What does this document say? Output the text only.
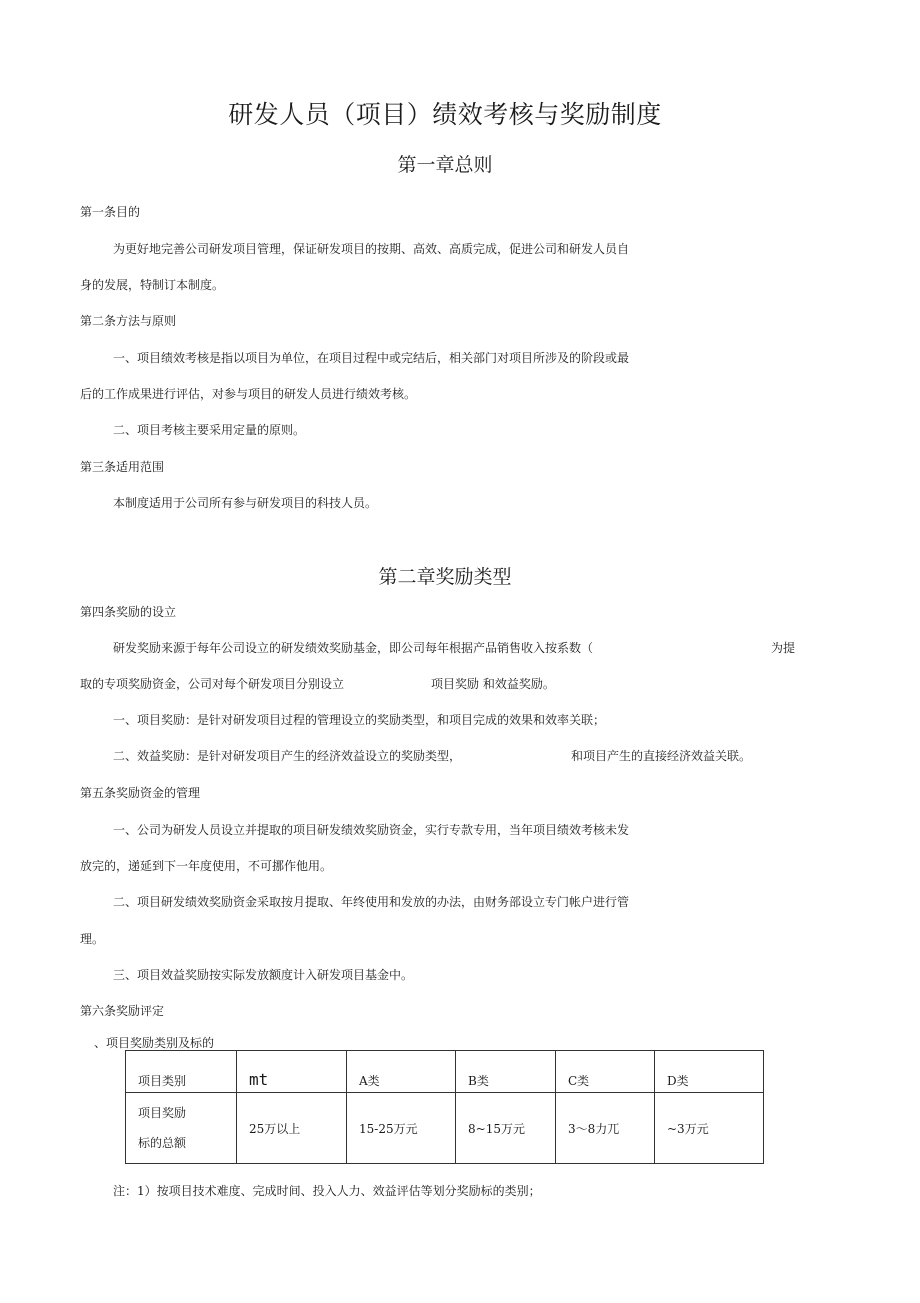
研发人员（项目）绩效考核与奖励制度
第一章总则
第一条目的
为更好地完善公司研发项目管理，保证研发项目的按期、高效、高质完成，促进公司和研发人员自
身的发展，特制订本制度。
第二条方法与原则
一、项目绩效考核是指以项目为单位，在项目过程中或完结后，相关部门对项目所涉及的阶段或最
后的工作成果进行评估，对参与项目的研发人员进行绩效考核。
二、项目考核主要采用定量的原则。
第三条适用范围
本制度适用于公司所有参与研发项目的科技人员。
第二章奖励类型
第四条奖励的设立
研发奖励来源于每年公司设立的研发绩效奖励基金，即公司每年根据产品销售收入按系数（	为提
取的专项奖励资金，公司对每个研发项目分别设立	项目奖励 和效益奖励。
一、项目奖励：是针对研发项目过程的管理设立的奖励类型，和项目完成的效果和效率关联；
二、效益奖励：是针对研发项目产生的经济效益设立的奖励类型，	和项目产生的直接经济效益关联。
第五条奖励资金的管理
一、公司为研发人员设立并提取的项目研发绩效奖励资金，实行专款专用，当年项目绩效考核未发
放完的，递延到下一年度使用，不可挪作他用。
二、项目研发绩效奖励资金采取按月提取、年终使用和发放的办法，由财务部设立专门帐户进行管
理。
三、项目效益奖励按实际发放额度计入研发项目基金中。
第六条奖励评定
、项目奖励类别及标的
项目类别	mt	A类	B类	C类	D类

项目奖励
标的总额	25万以上	15-25万元	8~15万元	3～8力兀	~3万元
注：1）按项目技术难度、完成时间、投入人力、效益评估等划分奖励标的类别；
